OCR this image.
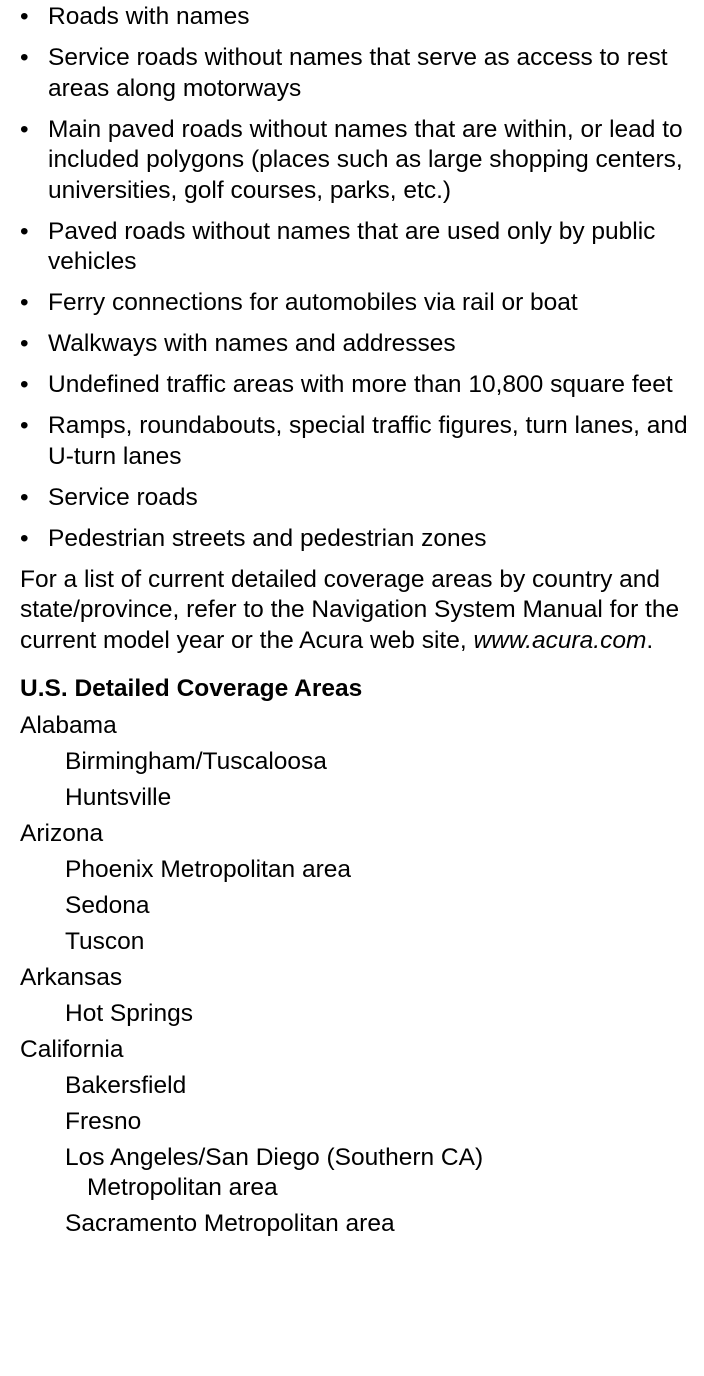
• Roads with names
• Service roads without names that serve as access to rest areas along motorways
• Main paved roads without names that are within, or lead to included polygons (places such as large shopping centers, universities, golf courses, parks, etc.)
• Paved roads without names that are used only by public vehicles
• Ferry connections for automobiles via rail or boat
• Walkways with names and addresses
• Undefined traffic areas with more than 10,800 square feet
• Ramps, roundabouts, special traffic figures, turn lanes, and U-turn lanes
• Service roads
• Pedestrian streets and pedestrian zones

For a list of current detailed coverage areas by country and state/province, refer to the Navigation System Manual for the current model year or the Acura web site, www.acura.com.

U.S. Detailed Coverage Areas
Alabama
Birmingham/Tuscaloosa
Huntsville
Arizona
Phoenix Metropolitan area
Sedona
Tuscon
Arkansas
Hot Springs
California
Bakersfield
Fresno
Los Angeles/San Diego (Southern CA)
Metropolitan area
Sacramento Metropolitan area
